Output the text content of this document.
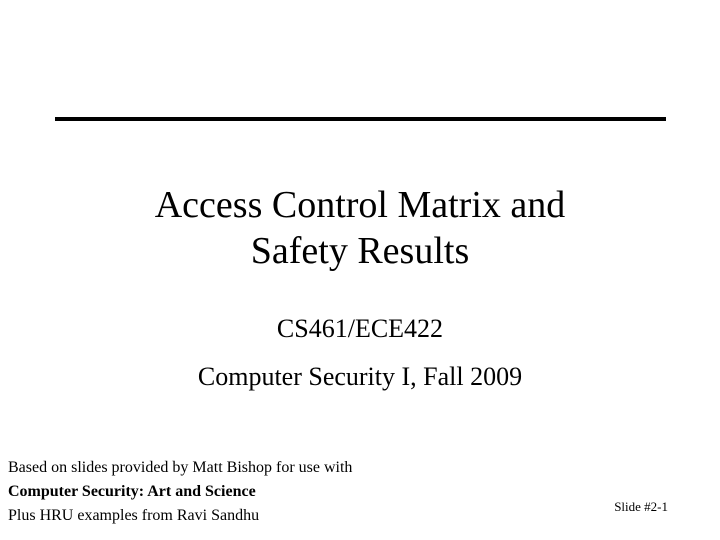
Access Control Matrix and
Safety Results
CS461/ECE422
Computer Security I, Fall 2009
Based on slides provided by Matt Bishop for use with
Computer Security: Art and Science
Plus HRU examples from Ravi Sandhu
Slide #2-1
